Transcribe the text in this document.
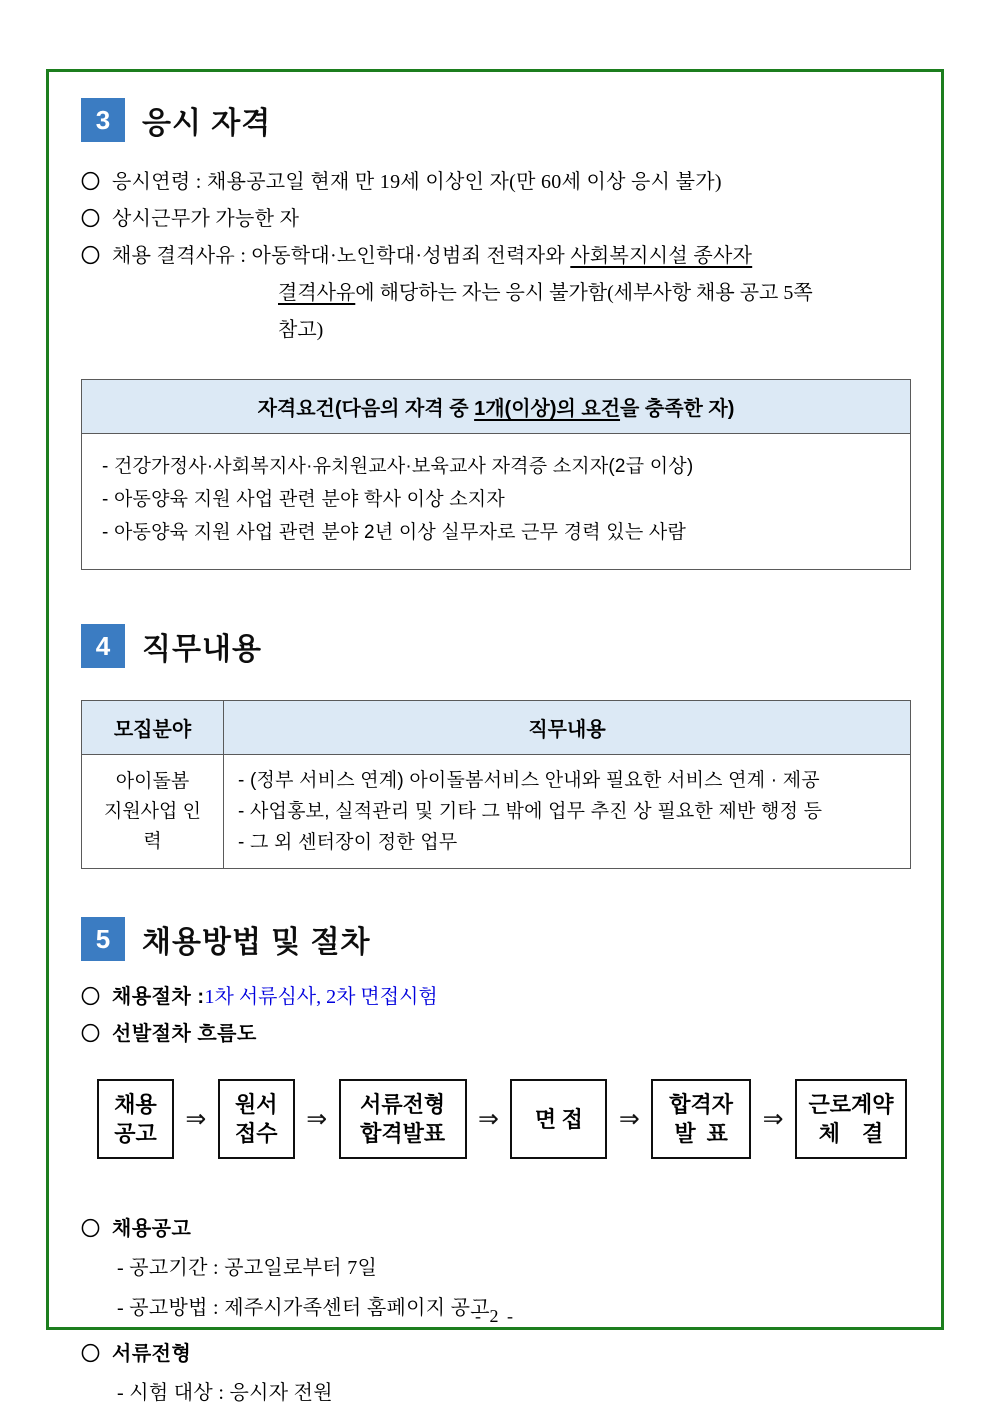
3	응시 자격
〇 응시연령 : 채용공고일 현재 만 19세 이상인 자(만 60세 이상 응시 불가)
〇 상시근무가 가능한 자
〇 채용 결격사유 : 아동학대·노인학대·성범죄 전력자와 사회복지시설 종사자
결격사유에 해당하는 자는 응시 불가함(세부사항 채용 공고 5쪽
참고)
자격요건(다음의 자격 중 1개(이상)의 요건을 충족한 자)

- 건강가정사·사회복지사·유치원교사·보육교사 자격증 소지자(2급 이상)
- 아동양육 지원 사업 관련 분야 학사 이상 소지자
- 아동양육 지원 사업 관련 분야 2년 이상 실무자로 근무 경력 있는 사람
4	직무내용
모집분야	직무내용

아이돌봄
지원사업 인력

- (정부 서비스 연계) 아이돌봄서비스 안내와 필요한 서비스 연계 · 제공
- 사업홍보, 실적관리 및 기타 그 밖에 업무 추진 상 필요한 제반 행정 등
- 그 외 센터장이 정한 업무
5	채용방법 및 절차
〇 채용절차 : 1차 서류심사, 2차 면접시험
〇 선발절차 흐름도
채용
공고
⇒
원서
접수
⇒
서류전형
합격발표
⇒ 면 접 ⇒
합격자
발  표
⇒
근로계약
체    결
〇 채용공고
- 공고기간 : 공고일로부터 7일
- 공고방법 : 제주시가족센터 홈페이지 공고
〇 서류전형
- 시험 대상 : 응시자 전원
- 2 -
